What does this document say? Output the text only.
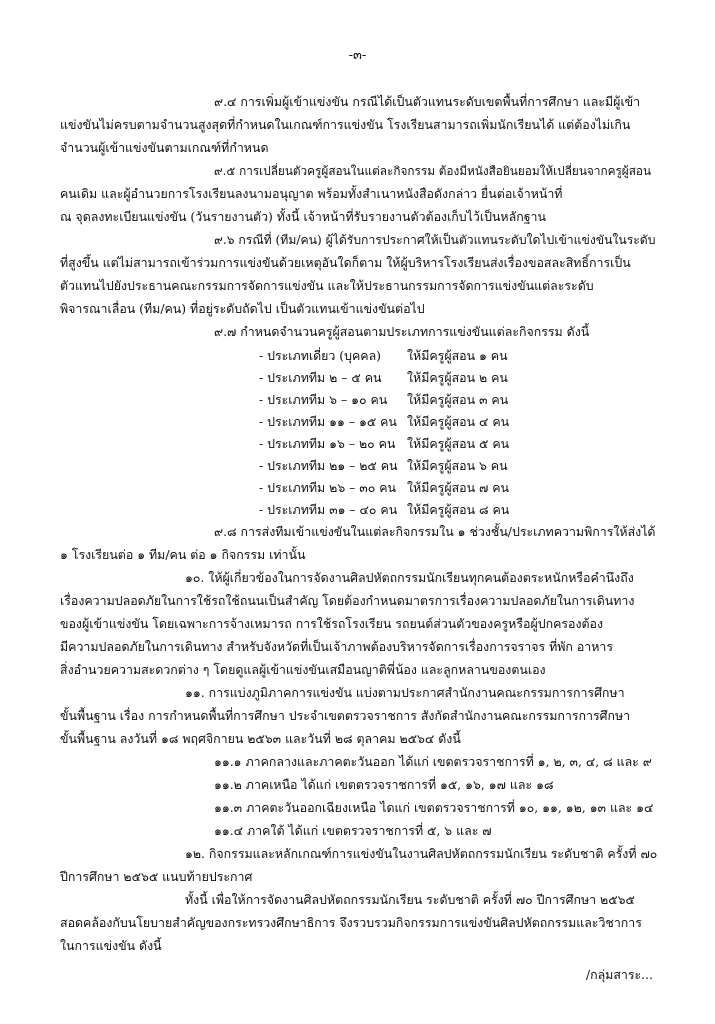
-๓-
๙.๔ การเพิ่มผู้เข้าแข่งขัน กรณีได้เป็นตัวแทนระดับเขตพื้นที่การศึกษา และมีผู้เข้า
แข่งขันไม่ครบตามจำนวนสูงสุดที่กำหนดในเกณฑ์การแข่งขัน โรงเรียนสามารถเพิ่มนักเรียนได้ แต่ต้องไม่เกิน
จำนวนผู้เข้าแข่งขันตามเกณฑ์ที่กำหนด
๙.๕ การเปลี่ยนตัวครูผู้สอนในแต่ละกิจกรรม ต้องมีหนังสือยินยอมให้เปลี่ยนจากครูผู้สอน
คนเดิม และผู้อำนวยการโรงเรียนลงนามอนุญาต พร้อมทั้งสำเนาหนังสือดังกล่าว ยื่นต่อเจ้าหน้าที่
ณ จุดลงทะเบียนแข่งขัน (วันรายงานตัว) ทั้งนี้ เจ้าหน้าที่รับรายงานตัวต้องเก็บไว้เป็นหลักฐาน
๙.๖ กรณีที่ (ทีม/คน) ผู้ได้รับการประกาศให้เป็นตัวแทนระดับใดไปเข้าแข่งขันในระดับ
ที่สูงขึ้น แต่ไม่สามารถเข้าร่วมการแข่งขันด้วยเหตุอันใดก็ตาม ให้ผู้บริหารโรงเรียนส่งเรื่องขอสละสิทธิ์การเป็น
ตัวแทนไปยังประธานคณะกรรมการจัดการแข่งขัน และให้ประธานกรรมการจัดการแข่งขันแต่ละระดับ
พิจารณาเลื่อน (ทีม/คน) ที่อยู่ระดับถัดไป เป็นตัวแทนเข้าแข่งขันต่อไป
๙.๗ กำหนดจำนวนครูผู้สอนตามประเภทการแข่งขันแต่ละกิจกรรม ดังนี้
- ประเภทเดี่ยว (บุคคล) ให้มีครูผู้สอน ๑ คน
- ประเภททีม ๒ – ๕ คน ให้มีครูผู้สอน ๒ คน
- ประเภททีม ๖ – ๑๐ คน ให้มีครูผู้สอน ๓ คน
- ประเภททีม ๑๑ – ๑๕ คน ให้มีครูผู้สอน ๔ คน
- ประเภททีม ๑๖ – ๒๐ คน ให้มีครูผู้สอน ๕ คน
- ประเภททีม ๒๑ – ๒๕ คน ให้มีครูผู้สอน ๖ คน
- ประเภททีม ๒๖ – ๓๐ คน ให้มีครูผู้สอน ๗ คน
- ประเภททีม ๓๑ – ๔๐ คน ให้มีครูผู้สอน ๘ คน
๙.๘ การส่งทีมเข้าแข่งขันในแต่ละกิจกรรมใน ๑ ช่วงชั้น/ประเภทความพิการให้ส่งได้
๑ โรงเรียนต่อ ๑ ทีม/คน ต่อ ๑ กิจกรรม เท่านั้น
๑๐. ให้ผู้เกี่ยวข้องในการจัดงานศิลปหัตถกรรมนักเรียนทุกคนต้องตระหนักหรือคำนึงถึง
เรื่องความปลอดภัยในการใช้รถใช้ถนนเป็นสำคัญ โดยต้องกำหนดมาตรการเรื่องความปลอดภัยในการเดินทาง
ของผู้เข้าแข่งขัน โดยเฉพาะการจ้างเหมารถ การใช้รถโรงเรียน รถยนต์ส่วนตัวของครูหรือผู้ปกครองต้อง
มีความปลอดภัยในการเดินทาง สำหรับจังหวัดที่เป็นเจ้าภาพต้องบริหารจัดการเรื่องการจราจร ที่พัก อาหาร
สิ่งอำนวยความสะดวกต่าง ๆ โดยดูแลผู้เข้าแข่งขันเสมือนญาติพี่น้อง และลูกหลานของตนเอง
๑๑. การแบ่งภูมิภาคการแข่งขัน แบ่งตามประกาศสำนักงานคณะกรรมการการศึกษา
ขั้นพื้นฐาน เรื่อง การกำหนดพื้นที่การศึกษา ประจำเขตตรวจราชการ สังกัดสำนักงานคณะกรรมการการศึกษา
ขั้นพื้นฐาน ลงวันที่ ๑๘ พฤศจิกายน ๒๕๖๓ และวันที่ ๒๘ ตุลาคม ๒๕๖๔ ดังนี้
๑๑.๑ ภาคกลางและภาคตะวันออก ได้แก่ เขตตรวจราชการที่ ๑, ๒, ๓, ๔, ๘ และ ๙
๑๑.๒ ภาคเหนือ ได้แก่ เขตตรวจราชการที่ ๑๕, ๑๖, ๑๗ และ ๑๘
๑๑.๓ ภาคตะวันออกเฉียงเหนือ ไดแก่ เขตตรวจราชการที่ ๑๐, ๑๑, ๑๒, ๑๓ และ ๑๔
๑๑.๔ ภาคใต้ ได้แก่ เขตตรวจราชการที่ ๕, ๖ และ ๗
๑๒. กิจกรรมและหลักเกณฑ์การแข่งขันในงานศิลปหัตถกรรมนักเรียน ระดับชาติ ครั้งที่ ๗๐
ปีการศึกษา ๒๕๖๕ แนบท้ายประกาศ
ทั้งนี้ เพื่อให้การจัดงานศิลปหัตถกรรมนักเรียน ระดับชาติ ครั้งที่ ๗๐ ปีการศึกษา ๒๕๖๕
สอดคล้องกับนโยบายสำคัญของกระทรวงศึกษาธิการ จึงรวบรวมกิจกรรมการแข่งขันศิลปหัตถกรรมและวิชาการ
ในการแข่งขัน ดังนี้
/กลุ่มสาระ...
